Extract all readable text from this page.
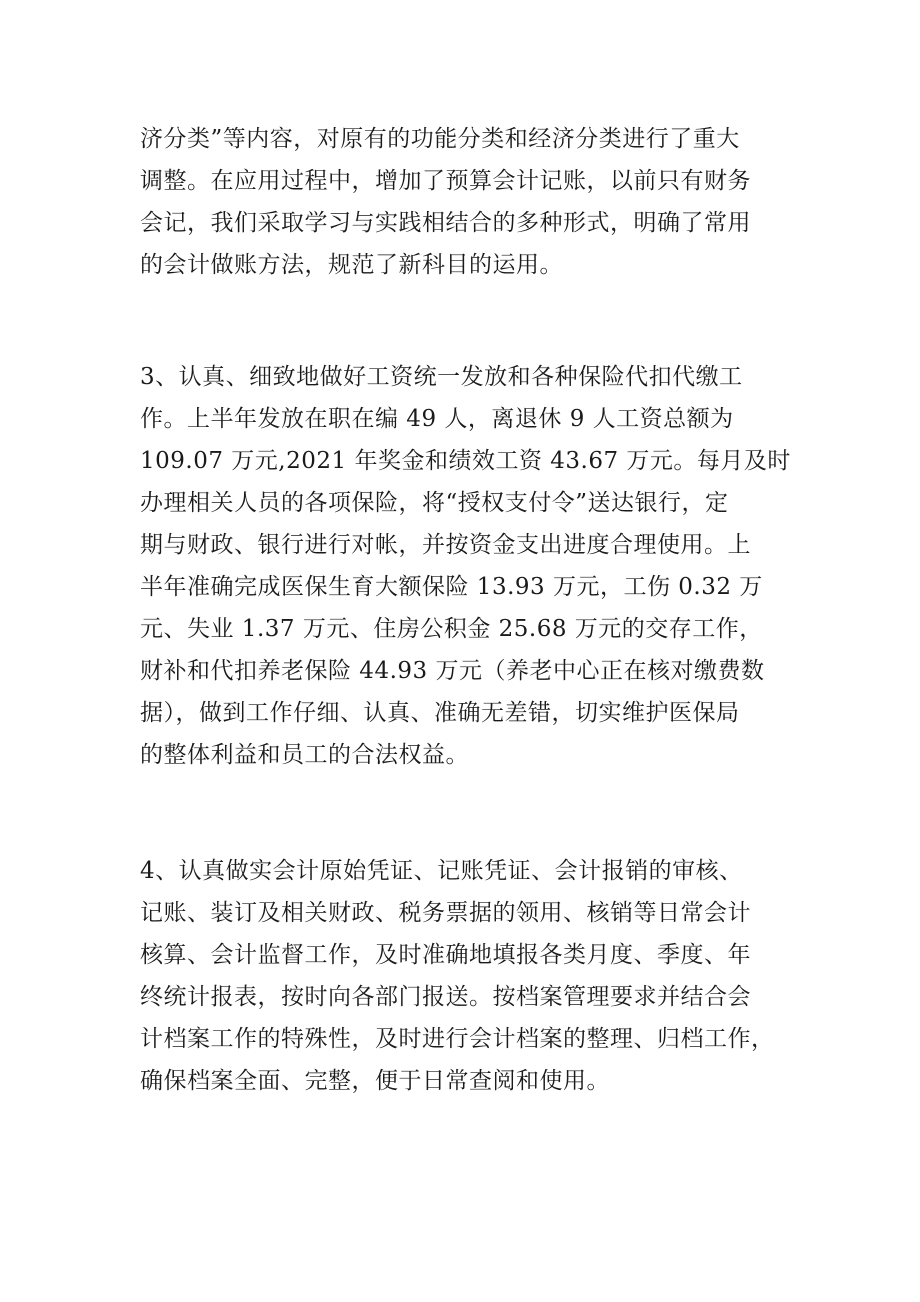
济分类”等内容，对原有的功能分类和经济分类进行了重大
调整。在应用过程中，增加了预算会计记账，以前只有财务
会记，我们采取学习与实践相结合的多种形式，明确了常用
的会计做账方法，规范了新科目的运用。

3、认真、细致地做好工资统一发放和各种保险代扣代缴工
作。上半年发放在职在编 49 人，离退休 9 人工资总额为
109.07 万元,2021 年奖金和绩效工资 43.67 万元。每月及时
办理相关人员的各项保险，将“授权支付令”送达银行，定
期与财政、银行进行对帐，并按资金支出进度合理使用。上
半年准确完成医保生育大额保险 13.93 万元，工伤 0.32 万
元、失业 1.37 万元、住房公积金 25.68 万元的交存工作，
财补和代扣养老保险 44.93 万元（养老中心正在核对缴费数
据），做到工作仔细、认真、准确无差错，切实维护医保局
的整体利益和员工的合法权益。

4、认真做实会计原始凭证、记账凭证、会计报销的审核、
记账、装订及相关财政、税务票据的领用、核销等日常会计
核算、会计监督工作，及时准确地填报各类月度、季度、年
终统计报表，按时向各部门报送。按档案管理要求并结合会
计档案工作的特殊性，及时进行会计档案的整理、归档工作，
确保档案全面、完整，便于日常查阅和使用。
